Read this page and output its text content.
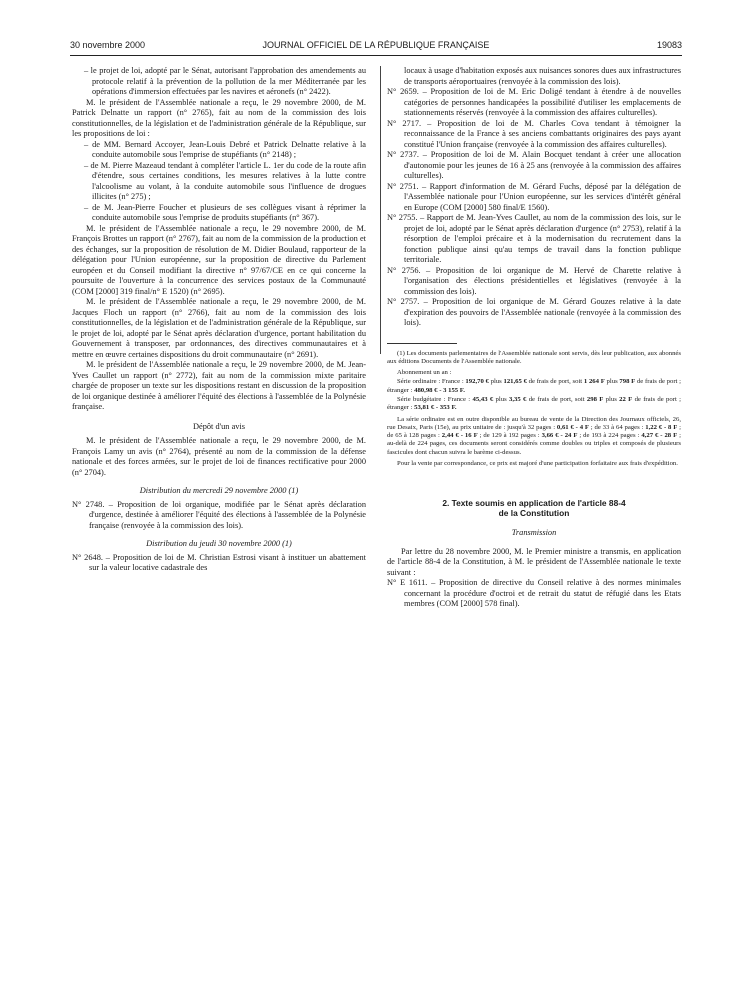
30 novembre 2000	JOURNAL OFFICIEL DE LA RÉPUBLIQUE FRANÇAISE	19083

– le projet de loi, adopté par le Sénat, autorisant l'approbation des amendements au protocole relatif à la prévention de la pollution de la mer Méditerranée par les opérations d'immersion effectuées par les navires et aéronefs (n° 2422).

M. le président de l'Assemblée nationale a reçu, le 29 novembre 2000, de M. Patrick Delnatte un rapport (n° 2765), fait au nom de la commission des lois constitutionnelles, de la législation et de l'administration générale de la République, sur les propositions de loi :

– de MM. Bernard Accoyer, Jean-Louis Debré et Patrick Delnatte relative à la conduite automobile sous l'emprise de stupéfiants (n° 2148) ;

– de M. Pierre Mazeaud tendant à compléter l'article L. 1er du code de la route afin d'étendre, sous certaines conditions, les mesures relatives à la lutte contre l'alcoolisme au volant, à la conduite automobile sous l'influence de drogues illicites (n° 275) ;

– de M. Jean-Pierre Foucher et plusieurs de ses collègues visant à réprimer la conduite automobile sous l'emprise de produits stupéfiants (n° 367).

M. le président de l'Assemblée nationale a reçu, le 29 novembre 2000, de M. François Brottes un rapport (n° 2767), fait au nom de la commission de la production et des échanges, sur la proposition de résolution de M. Didier Boulaud, rapporteur de la délégation pour l'Union européenne, sur la proposition de directive du Parlement européen et du Conseil modifiant la directive n° 97/67/CE en ce qui concerne la poursuite de l'ouverture à la concurrence des services postaux de la Communauté (COM [2000] 319 final/n° E 1520) (n° 2695).

M. le président de l'Assemblée nationale a reçu, le 29 novembre 2000, de M. Jacques Floch un rapport (n° 2766), fait au nom de la commission des lois constitutionnelles, de la législation et de l'administration générale de la République, sur le projet de loi, adopté par le Sénat après déclaration d'urgence, portant habilitation du Gouvernement à transposer, par ordonnances, des directives communautaires et à mettre en œuvre certaines dispositions du droit communautaire (n° 2691).

M. le président de l'Assemblée nationale a reçu, le 29 novembre 2000, de M. Jean-Yves Caullet un rapport (n° 2772), fait au nom de la commission mixte paritaire chargée de proposer un texte sur les dispositions restant en discussion de la proposition de loi organique destinée à améliorer l'équité des élections à l'assemblée de la Polynésie française.

Dépôt d'un avis

M. le président de l'Assemblée nationale a reçu, le 29 novembre 2000, de M. François Lamy un avis (n° 2764), présenté au nom de la commission de la défense nationale et des forces armées, sur le projet de loi de finances rectificative pour 2000 (n° 2704).

Distribution du mercredi 29 novembre 2000 (1)

N° 2748. – Proposition de loi organique, modifiée par le Sénat après déclaration d'urgence, destinée à améliorer l'équité des élections à l'assemblée de la Polynésie française (renvoyée à la commission des lois).

Distribution du jeudi 30 novembre 2000 (1)

N° 2648. – Proposition de loi de M. Christian Estrosi visant à instituer un abattement sur la valeur locative cadastrale des

locaux à usage d'habitation exposés aux nuisances sonores dues aux infrastructures de transports aéroportuaires (renvoyée à la commission des lois).

N° 2659. – Proposition de loi de M. Eric Doligé tendant à étendre à de nouvelles catégories de personnes handicapées la possibilité d'utiliser les emplacements de stationnements réservés (renvoyée à la commission des affaires culturelles).

N° 2717. – Proposition de loi de M. Charles Cova tendant à témoigner la reconnaissance de la France à ses anciens combattants originaires des pays ayant constitué l'Union française (renvoyée à la commission des affaires culturelles).

N° 2737. – Proposition de loi de M. Alain Bocquet tendant à créer une allocation d'autonomie pour les jeunes de 16 à 25 ans (renvoyée à la commission des affaires culturelles).

N° 2751. – Rapport d'information de M. Gérard Fuchs, déposé par la délégation de l'Assemblée nationale pour l'Union européenne, sur les services d'intérêt général en Europe (COM [2000] 580 final/E 1560).

N° 2755. – Rapport de M. Jean-Yves Caullet, au nom de la commission des lois, sur le projet de loi, adopté par le Sénat après déclaration d'urgence (n° 2753), relatif à la résorption de l'emploi précaire et à la modernisation du recrutement dans la fonction publique ainsi qu'au temps de travail dans la fonction publique territoriale.

N° 2756. – Proposition de loi organique de M. Hervé de Charette relative à l'organisation des élections présidentielles et législatives (renvoyée à la commission des lois).

N° 2757. – Proposition de loi organique de M. Gérard Gouzes relative à la date d'expiration des pouvoirs de l'Assemblée nationale (renvoyée à la commission des lois).

(1) Les documents parlementaires de l'Assemblée nationale sont servis, dès leur publication, aux abonnés aux éditions Documents de l'Assemblée nationale.

Abonnement un an :

Série ordinaire : France : 192,70 € plus 121,65 € de frais de port, soit 1 264 F plus 798 F de frais de port ; étranger : 480,98 € - 3 155 F.

Série budgétaire : France : 45,43 € plus 3,35 € de frais de port, soit 298 F plus 22 F de frais de port ; étranger : 53,81 € - 353 F.

La série ordinaire est en outre disponible au bureau de vente de la Direction des Journaux officiels, 26, rue Desaix, Paris (15e), au prix unitaire de : jusqu'à 32 pages : 0,61 € - 4 F ; de 33 à 64 pages : 1,22 € - 8 F ; de 65 à 128 pages : 2,44 € - 16 F ; de 129 à 192 pages : 3,66 € - 24 F ; de 193 à 224 pages : 4,27 € - 28 F ; au-delà de 224 pages, ces documents seront considérés comme doubles ou triples et composés de plusieurs fascicules dont chacun suivra le barème ci-dessus.

Pour la vente par correspondance, ce prix est majoré d'une participation forfaitaire aux frais d'expédition.

2. Texte soumis en application de l'article 88-4
de la Constitution

Transmission

Par lettre du 28 novembre 2000, M. le Premier ministre a transmis, en application de l'article 88-4 de la Constitution, à M. le président de l'Assemblée nationale le texte suivant :

N° E 1611. – Proposition de directive du Conseil relative à des normes minimales concernant la procédure d'octroi et de retrait du statut de réfugié dans les Etats membres (COM [2000] 578 final).
